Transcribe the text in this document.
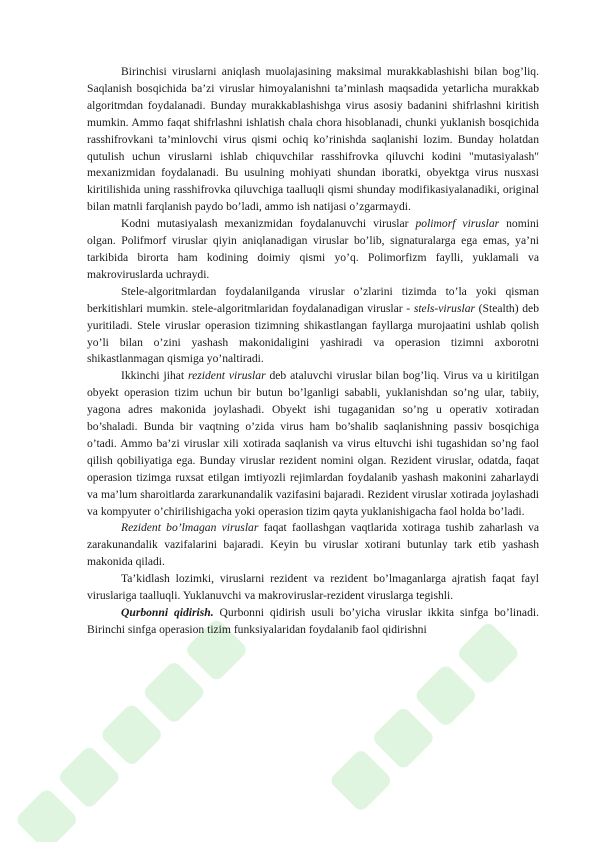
Birinchisi viruslarni aniqlash muolajasining maksimal murakkablashishi bilan bog’liq. Saqlanish bosqichida ba’zi viruslar himoyalanishni ta’minlash maqsadida yetarlicha murakkab algoritmdan foydalanadi. Bunday murakkablashishga virus asosiy badanini shifrlashni kiritish mumkin. Ammo faqat shifrlashni ishlatish chala chora hisoblanadi, chunki yuklanish bosqichida rasshifrovkani ta’minlovchi virus qismi ochiq ko’rinishda saqlanishi lozim. Bunday holatdan qutulish uchun viruslarni ishlab chiquvchilar rasshifrovka qiluvchi kodini "mutasiyalash" mexanizmidan foydalanadi. Bu usulning mohiyati shundan iboratki, obyektga virus nusxasi kiritilishida uning rasshifrovka qiluvchiga taalluqli qismi shunday modifikasiyalanadiki, original bilan matnli farqlanish paydo bo’ladi, ammo ish natijasi o’zgarmaydi.

Kodni mutasiyalash mexanizmidan foydalanuvchi viruslar polimorf viruslar nomini olgan. Polifmorf viruslar qiyin aniqlanadigan viruslar bo’lib, signaturalarga ega emas, ya’ni tarkibida birorta ham kodining doimiy qismi yo’q. Polimorfizm faylli, yuklamali va makroviruslarda uchraydi.

Stele-algoritmlardan foydalanilganda viruslar o’zlarini tizimda to’la yoki qisman berkitishlari mumkin. stele-algoritmlaridan foydalanadigan viruslar - stels-viruslar (Stealth) deb yuritiladi. Stele viruslar operasion tizimning shikastlangan fayllarga murojaatini ushlab qolish yo’li bilan o’zini yashash makonidaligini yashiradi va operasion tizimni axborotni shikastlanmagan qismiga yo’naltiradi.

Ikkinchi jihat rezident viruslar deb ataluvchi viruslar bilan bog’liq. Virus va u kiritilgan obyekt operasion tizim uchun bir butun bo’lganligi sababli, yuklanishdan so’ng ular, tabiiy, yagona adres makonida joylashadi. Obyekt ishi tugaganidan so’ng u operativ xotiradan bo’shaladi. Bunda bir vaqtning o’zida virus ham bo’shalib saqlanishning passiv bosqichiga o’tadi. Ammo ba’zi viruslar xili xotirada saqlanish va virus eltuvchi ishi tugashidan so’ng faol qilish qobiliyatiga ega. Bunday viruslar rezident nomini olgan. Rezident viruslar, odatda, faqat operasion tizimga ruxsat etilgan imtiyozli rejimlardan foydalanib yashash makonini zaharlaydi va ma’lum sharoitlarda zararkunandalik vazifasini bajaradi. Rezident viruslar xotirada joylashadi va kompyuter o’chirilishigacha yoki operasion tizim qayta yuklanishigacha faol holda bo’ladi.

Rezident bo’lmagan viruslar faqat faollashgan vaqtlarida xotiraga tushib zaharlash va zarakunandalik vazifalarini bajaradi. Keyin bu viruslar xotirani butunlay tark etib yashash makonida qiladi.

Ta’kidlash lozimki, viruslarni rezident va rezident bo’lmaganlarga ajratish faqat fayl viruslariga taalluqli. Yuklanuvchi va makroviruslar-rezident viruslarga tegishli.

Qurbonni qidirish. Qurbonni qidirish usuli bo’yicha viruslar ikkita sinfga bo’linadi. Birinchi sinfga operasion tizim funksiyalaridan foydalanib faol qidirishni
